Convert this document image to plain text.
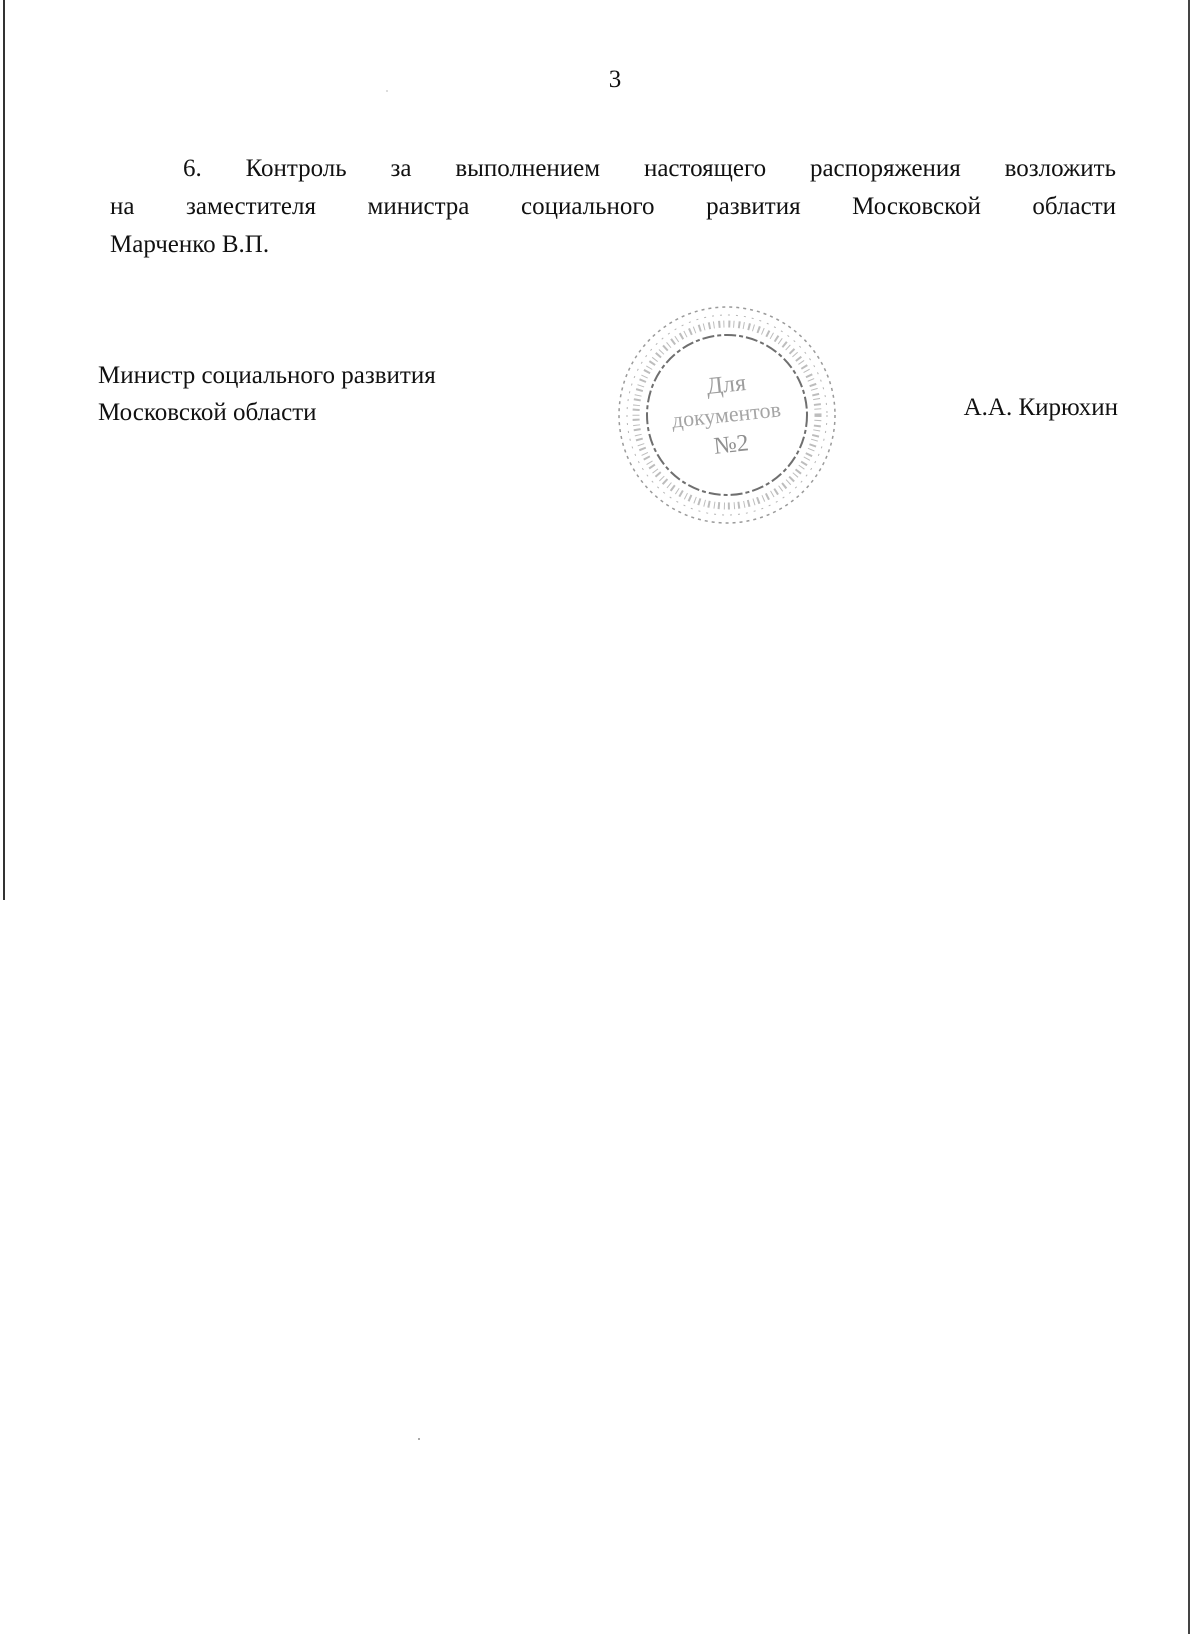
3
6. Контроль за выполнением настоящего распоряжения возложить
на заместителя министра социального развития Московской области
Марченко В.П.
Министр социального развития
Московской области
Для
документов
№2
А.А. Кирюхин
